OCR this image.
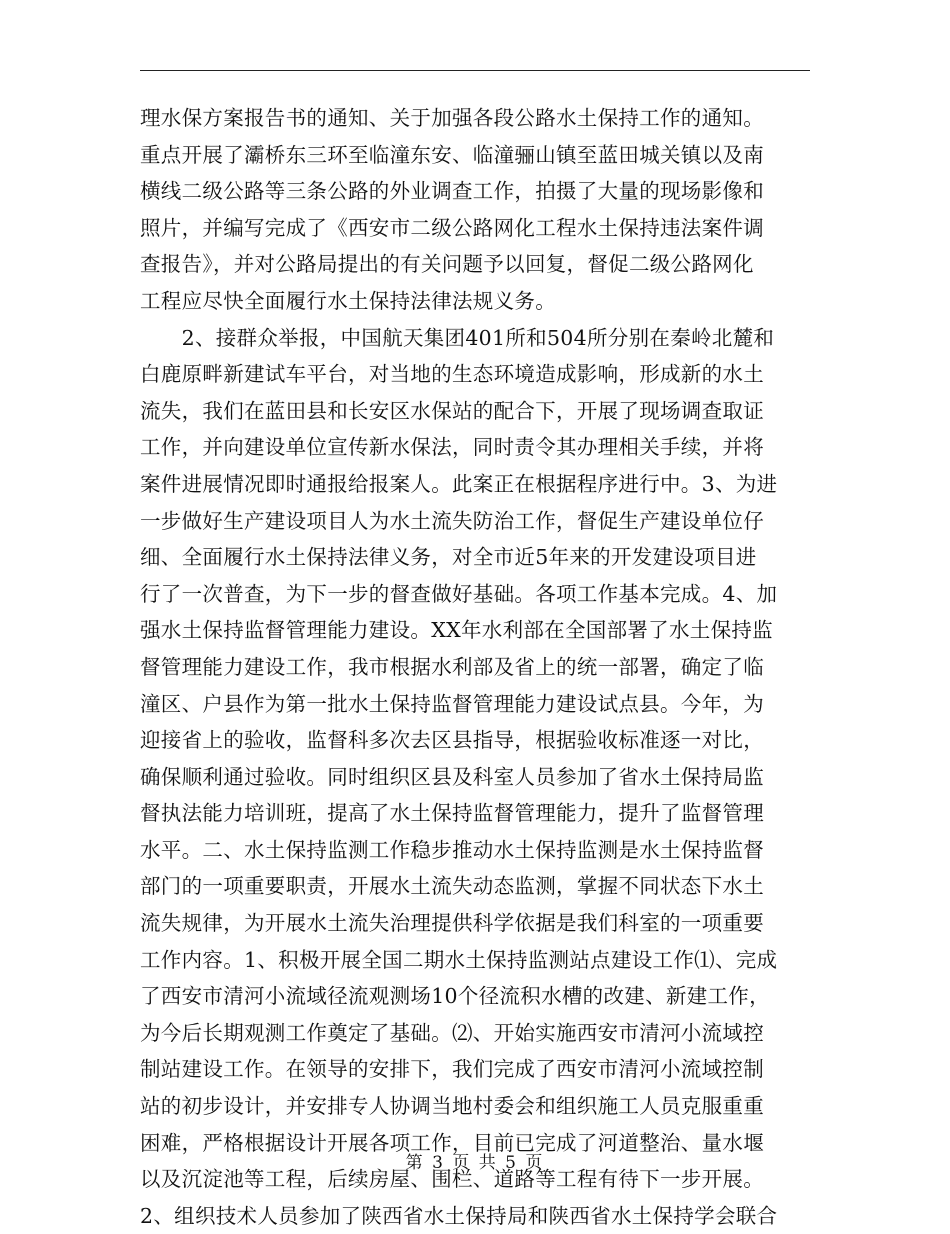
理水保方案报告书的通知、关于加强各段公路水土保持工作的通知。
重点开展了灞桥东三环至临潼东安、临潼骊山镇至蓝田城关镇以及南
横线二级公路等三条公路的外业调查工作，拍摄了大量的现场影像和
照片，并编写完成了《西安市二级公路网化工程水土保持违法案件调
查报告》，并对公路局提出的有关问题予以回复，督促二级公路网化
工程应尽快全面履行水土保持法律法规义务。
　　2、接群众举报，中国航天集团401所和504所分别在秦岭北麓和
白鹿原畔新建试车平台，对当地的生态环境造成影响，形成新的水土
流失，我们在蓝田县和长安区水保站的配合下，开展了现场调查取证
工作，并向建设单位宣传新水保法，同时责令其办理相关手续，并将
案件进展情况即时通报给报案人。此案正在根据程序进行中。3、为进
一步做好生产建设项目人为水土流失防治工作，督促生产建设单位仔
细、全面履行水土保持法律义务，对全市近5年来的开发建设项目进
行了一次普查，为下一步的督查做好基础。各项工作基本完成。4、加
强水土保持监督管理能力建设。XX年水利部在全国部署了水土保持监
督管理能力建设工作，我市根据水利部及省上的统一部署，确定了临
潼区、户县作为第一批水土保持监督管理能力建设试点县。今年，为
迎接省上的验收，监督科多次去区县指导，根据验收标准逐一对比，
确保顺利通过验收。同时组织区县及科室人员参加了省水土保持局监
督执法能力培训班，提高了水土保持监督管理能力，提升了监督管理
水平。二、水土保持监测工作稳步推动水土保持监测是水土保持监督
部门的一项重要职责，开展水土流失动态监测，掌握不同状态下水土
流失规律，为开展水土流失治理提供科学依据是我们科室的一项重要
工作内容。1、积极开展全国二期水土保持监测站点建设工作⑴、完成
了西安市清河小流域径流观测场10个径流积水槽的改建、新建工作，
为今后长期观测工作奠定了基础。⑵、开始实施西安市清河小流域控
制站建设工作。在领导的安排下，我们完成了西安市清河小流域控制
站的初步设计，并安排专人协调当地村委会和组织施工人员克服重重
困难，严格根据设计开展各项工作，目前已完成了河道整治、量水堰
以及沉淀池等工程，后续房屋、围栏、道路等工程有待下一步开展。
2、组织技术人员参加了陕西省水土保持局和陕西省水土保持学会联合
第 3 页 共 5 页
